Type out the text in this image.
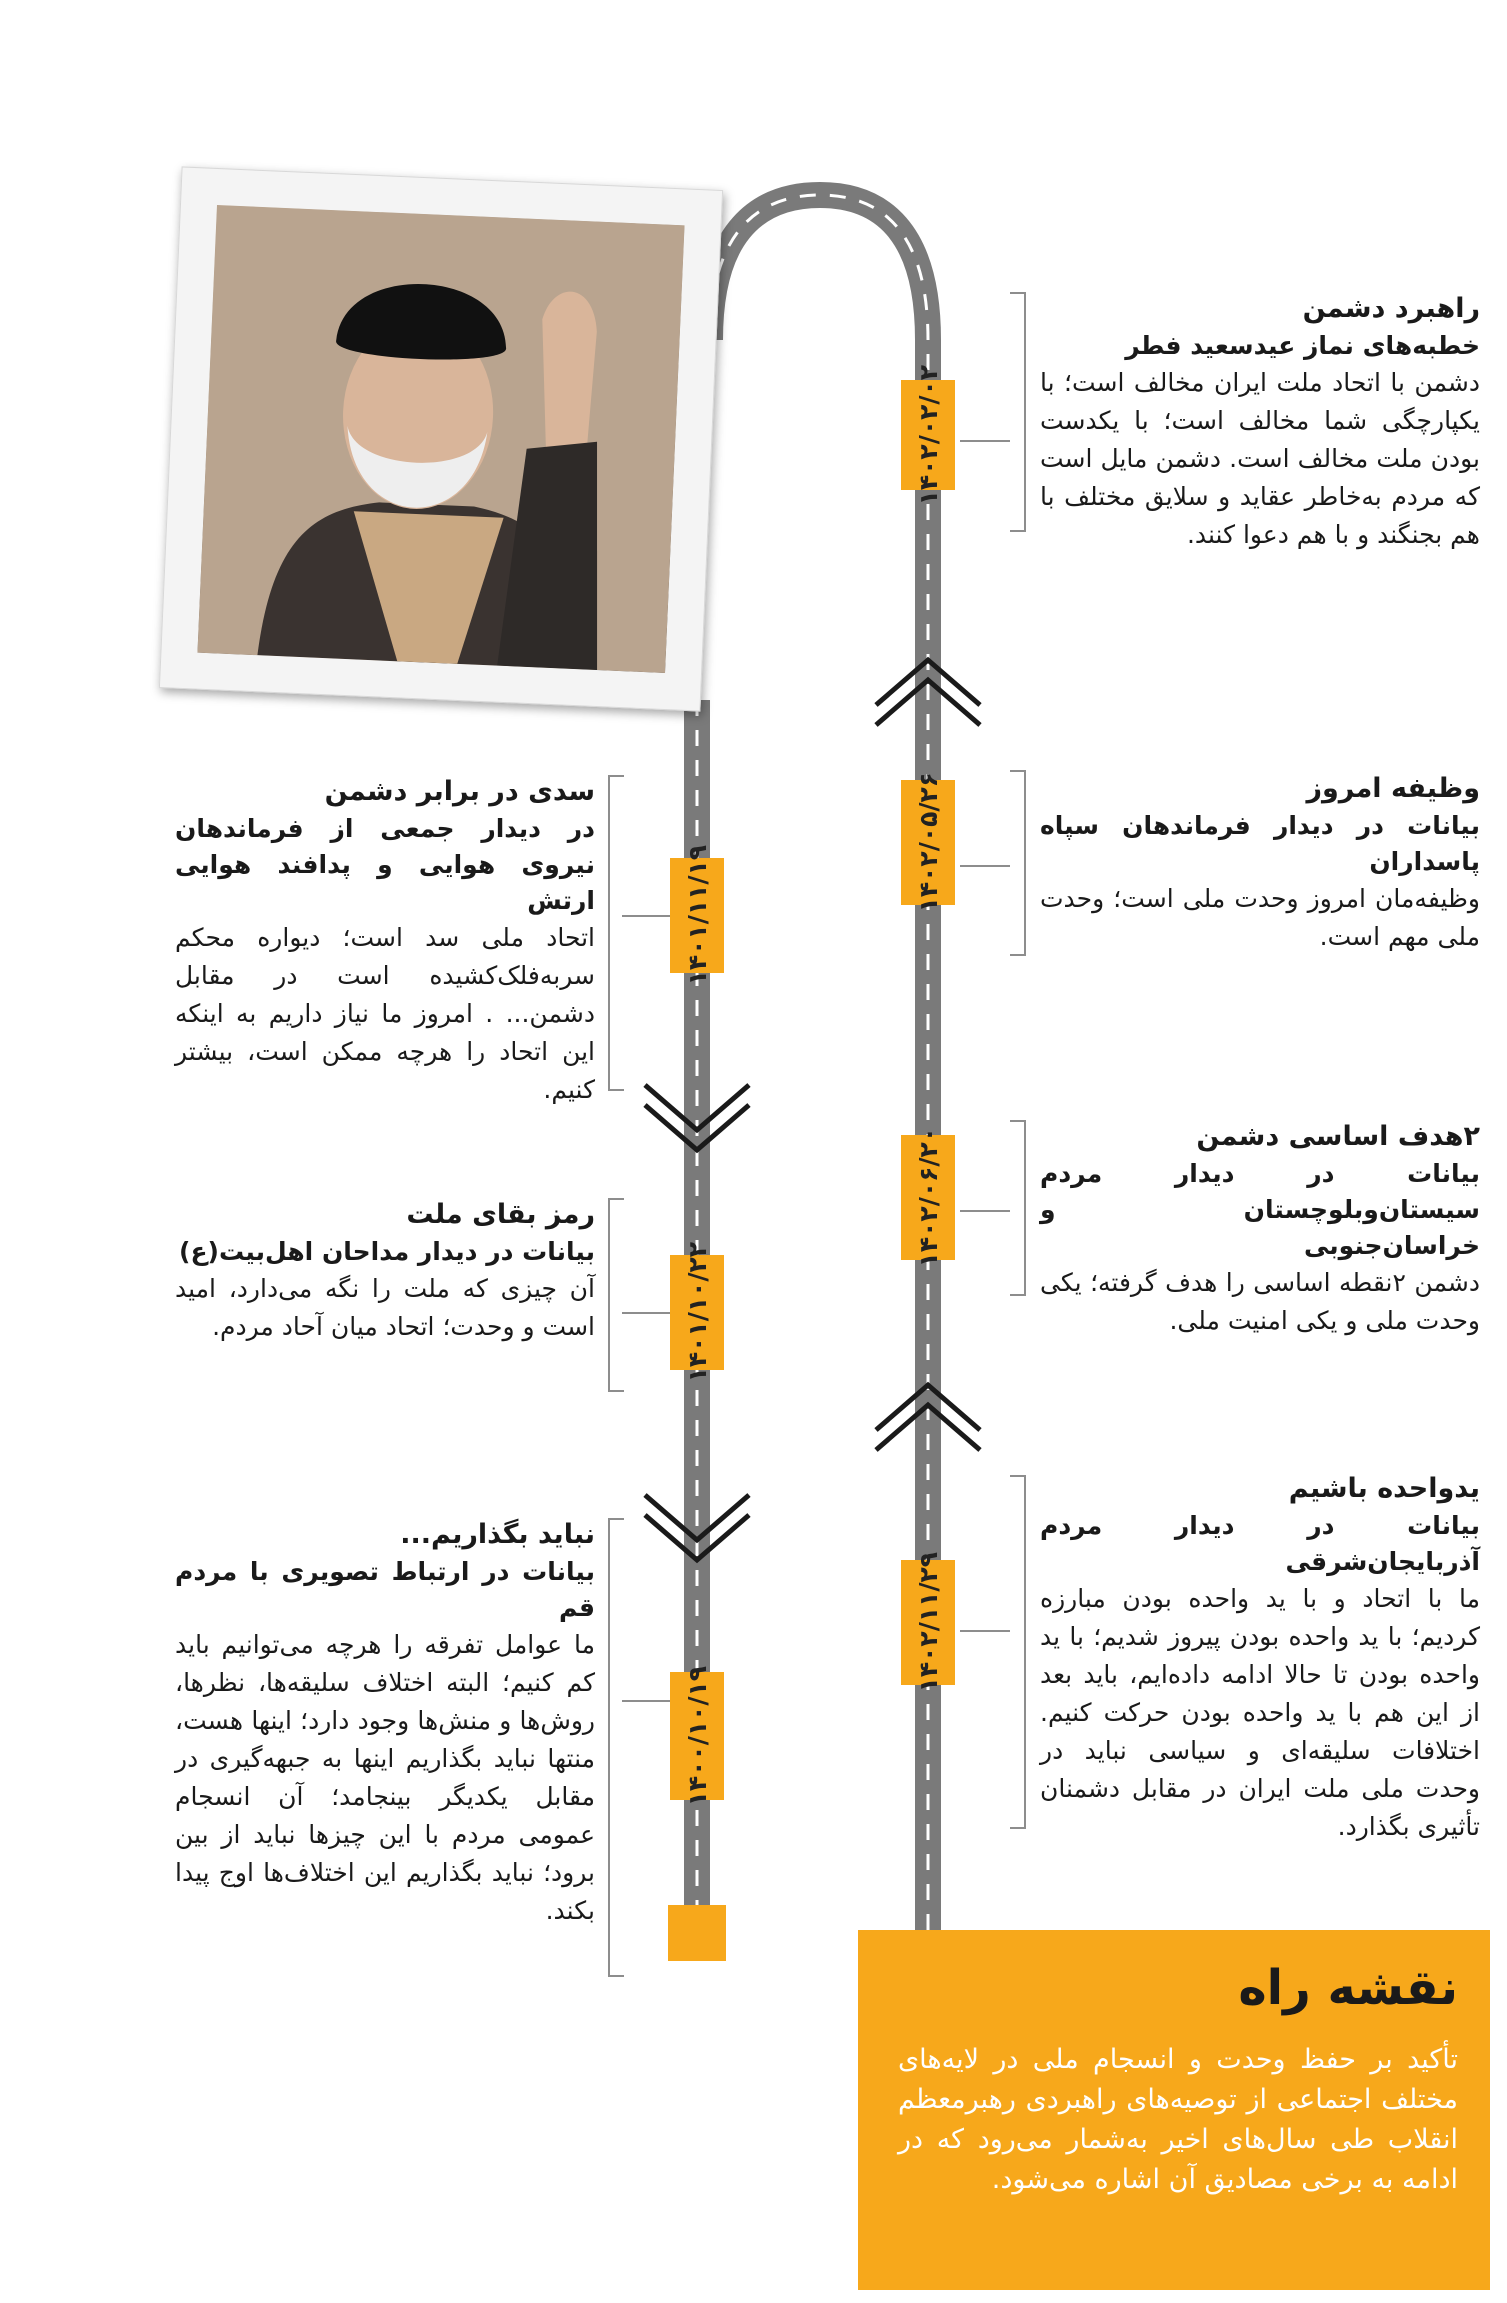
۱۴۰۲/۰۲/۰۲
راهبرد دشمن
خطبه‌های نماز عیدسعید فطر
دشمن با اتحاد ملت ایران مخالف است؛ با یکپارچگی شما مخالف است؛ با یکدست بودن ملت مخالف است. دشمن مایل است که مردم به‌خاطر عقاید و سلایق مختلف با هم بجنگند و با هم دعوا کنند.
۱۴۰۲/۰۵/۲۶	وظیفه امروز
بیانات در دیدار فرماندهان سپاه پاسداران
وظیفه‌مان امروز وحدت ملی است؛ وحدت ملی مهم است.
۱۴۰۲/۰۶/۲۰	۲هدف اساسی دشمن
بیانات در دیدار مردم سیستان‌وبلوچستان و خراسان‌جنوبی
دشمن ۲نقطه اساسی را هدف گرفته؛ یکی وحدت ملی و یکی امنیت ملی.
۱۴۰۲/۱۱/۲۹
یدواحده باشیم
بیانات در دیدار مردم آذربایجان‌شرقی
ما با اتحاد و با ید واحده بودن مبارزه کردیم؛ با ید واحده بودن پیروز شدیم؛ با ید واحده بودن تا حالا ادامه داده‌ایم، باید بعد از این هم با ید واحده بودن حرکت کنیم. اختلافات سلیقه‌ای و سیاسی نباید در وحدت ملی ملت ایران در مقابل دشمنان تأثیری بگذارد.
۱۴۰۱/۱۱/۱۹
سدی در برابر دشمن
در دیدار جمعی از فرماندهان نیروی هوایی و پدافند هوایی ارتش
اتحاد ملی سد است؛ دیواره محکم سربه‌فلک‌کشیده است در مقابل دشمن... . امروز ما نیاز داریم به اینکه این اتحاد را هرچه ممکن است، بیشتر کنیم.
۱۴۰۱/۱۰/۲۲
رمز بقای ملت
بیانات در دیدار مداحان اهل‌بیت(ع)
آن چیزی که ملت را نگه می‌دارد، امید است و وحدت؛ اتحاد میان آحاد مردم.
۱۴۰۰/۱۰/۱۹
نباید بگذاریم...
بیانات در ارتباط تصویری با مردم قم
ما عوامل تفرقه را هرچه می‌توانیم باید کم کنیم؛ البته اختلاف سلیقه‌ها، نظرها، روش‌ها و منش‌ها وجود دارد؛ اینها هست، منتها نباید بگذاریم اینها به جبهه‌گیری در مقابل یکدیگر بینجامد؛ آن انسجام عمومی مردم با این چیزها نباید از بین برود؛ نباید بگذاریم این اختلاف‌ها اوج پیدا بکند.
نقشه راه
تأکید بر حفظ وحدت و انسجام ملی در لایه‌های مختلف اجتماعی از توصیه‌های راهبردی رهبرمعظم انقلاب طی سال‌های اخیر به‌شمار می‌رود که در ادامه به برخی مصادیق آن اشاره می‌شود.
